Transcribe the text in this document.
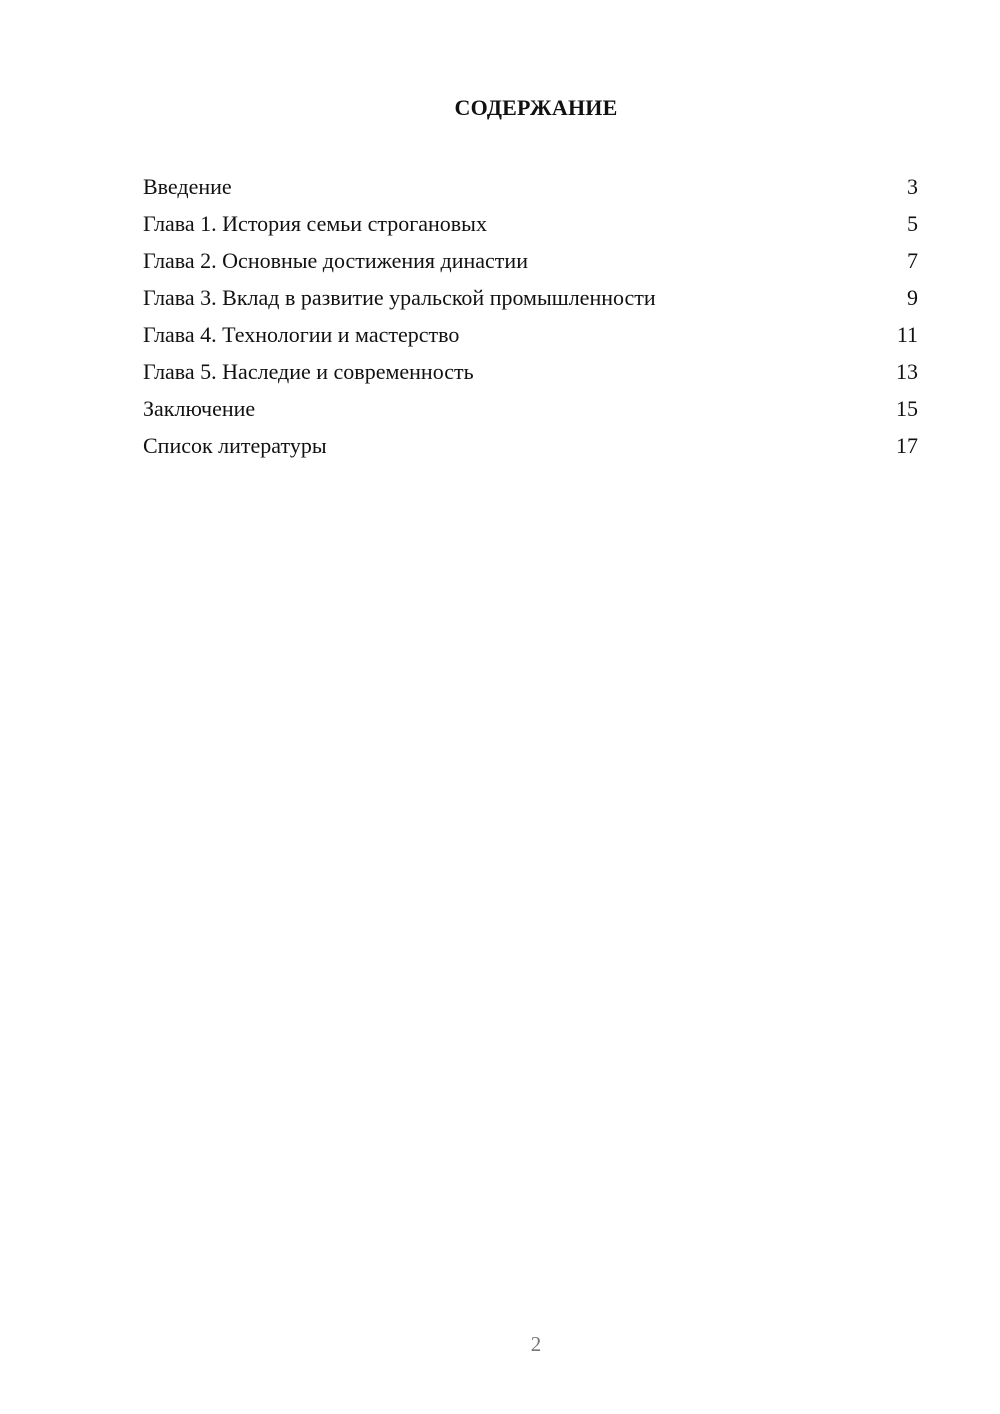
СОДЕРЖАНИЕ
Введение	3
Глава 1. История семьи строгановых	5
Глава 2. Основные достижения династии	7
Глава 3. Вклад в развитие уральской промышленности	9
Глава 4. Технологии и мастерство	11
Глава 5. Наследие и современность	13
Заключение	15
Список литературы	17
2
